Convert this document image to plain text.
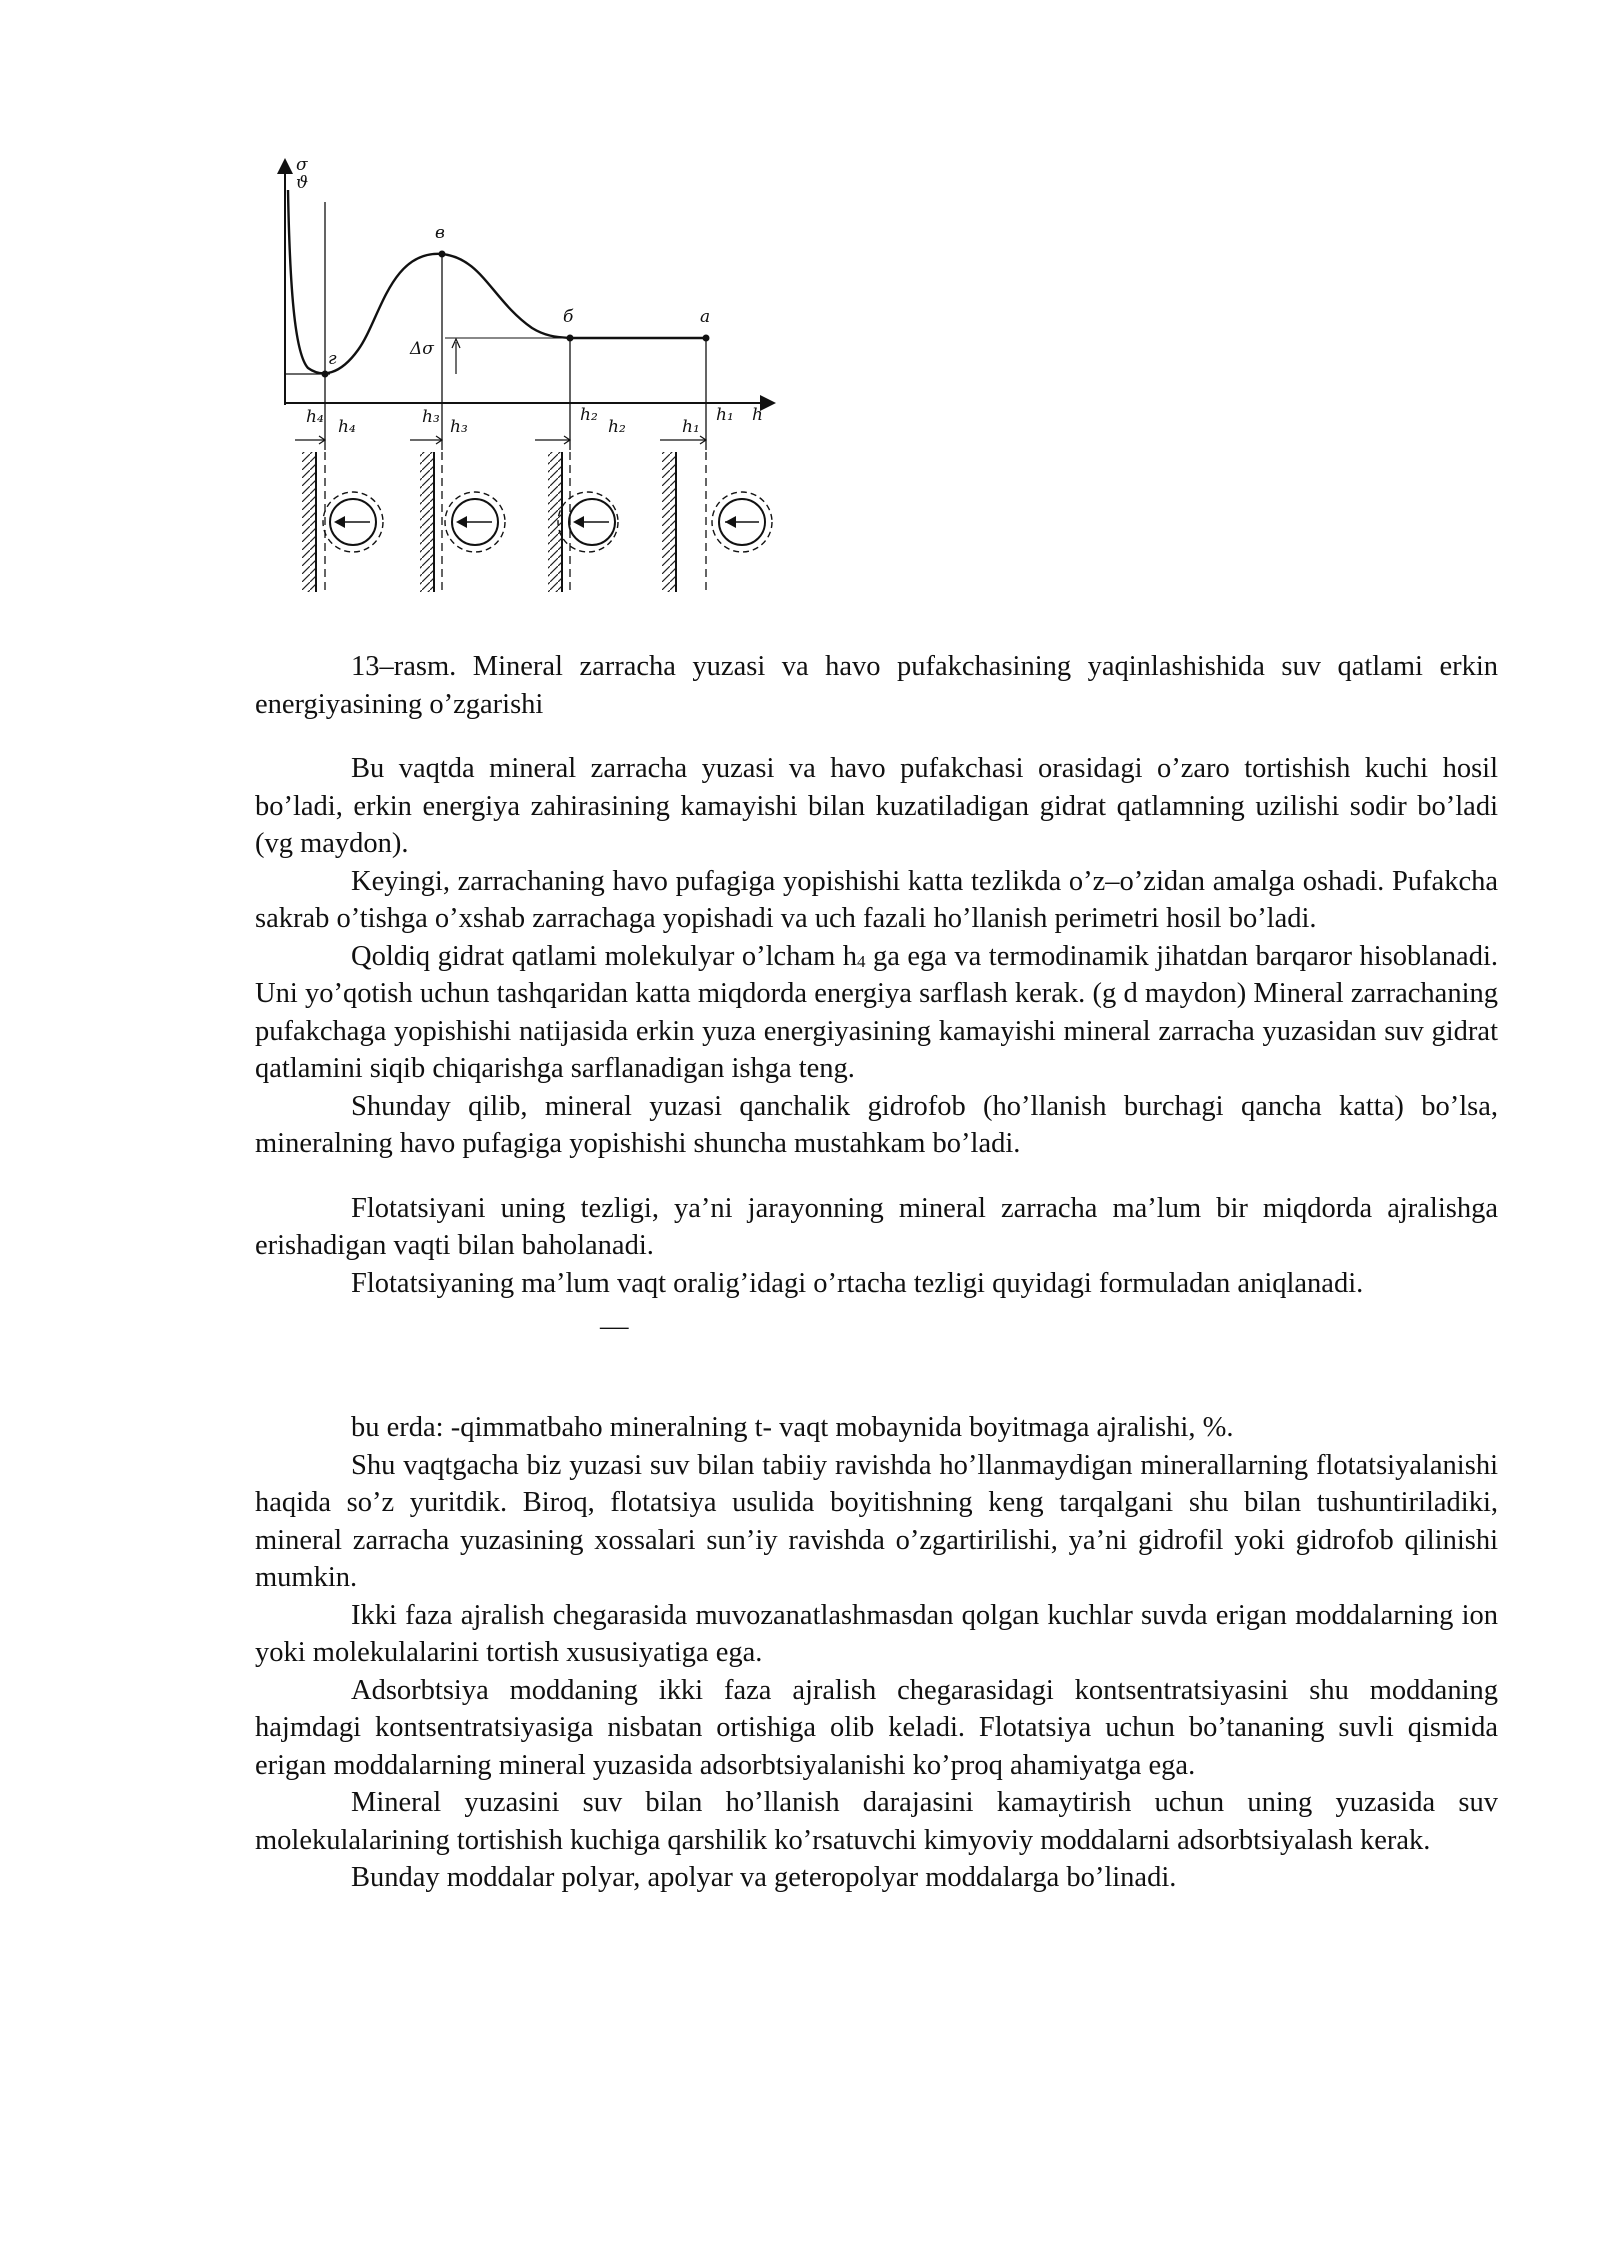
σ
ϑ
h
в
б	а
г	Δσ
h₄ h₄	h₃ h₃
h₂
h₂
h₁
h₁

13–rasm. Mineral zarracha yuzasi va havo pufakchasining yaqinlashishida suv qatlami erkin energiyasining o’zgarishi

Bu vaqtda mineral zarracha yuzasi va havo pufakchasi orasidagi o’zaro tortishish kuchi hosil bo’ladi, erkin energiya zahirasining kamayishi bilan kuzatiladigan gidrat qatlamning uzilishi sodir bo’ladi (vg maydon).

Keyingi, zarrachaning havo pufagiga yopishishi katta tezlikda o’z–o’zidan amalga oshadi. Pufakcha sakrab o’tishga o’xshab zarrachaga yopishadi va uch fazali ho’llanish perimetri hosil bo’ladi.

Qoldiq gidrat qatlami molekulyar o’lcham $h_4$ ga ega va termodinamik jihatdan barqaror hisoblanadi. Uni yo’qotish uchun tashqaridan katta miqdorda energiya sarflash kerak. (g d maydon) Mineral zarrachaning pufakchaga yopishishi natijasida erkin yuza energiyasining kamayishi mineral zarracha yuzasidan suv gidrat qatlamini siqib chiqarishga sarflanadigan ishga teng.

Shunday qilib, mineral yuzasi qanchalik gidrofob (ho’llanish burchagi qancha katta) bo’lsa, mineralning havo pufagiga yopishishi shuncha mustahkam bo’ladi.

Flotatsiyani uning tezligi, ya’ni jarayonning mineral zarracha ma’lum bir miqdorda ajralishga erishadigan vaqti bilan baholanadi.

Flotatsiyaning ma’lum vaqt oralig’idagi o’rtacha tezligi quyidagi formuladan aniqlanadi.

—

bu erda: -qimmatbaho mineralning t- vaqt mobaynida boyitmaga ajralishi, %.

Shu vaqtgacha biz yuzasi suv bilan tabiiy ravishda ho’llanmaydigan minerallarning flotatsiyalanishi haqida so’z yuritdik. Biroq, flotatsiya usulida boyitishning keng tarqalgani shu bilan tushuntiriladiki, mineral zarracha yuzasining xossalari sun’iy ravishda o’zgartirilishi, ya’ni gidrofil yoki gidrofob qilinishi mumkin.

Ikki faza ajralish chegarasida muvozanatlashmasdan qolgan kuchlar suvda erigan moddalarning ion yoki molekulalarini tortish xususiyatiga ega.

Adsorbtsiya moddaning ikki faza ajralish chegarasidagi kontsentratsiyasini shu moddaning hajmdagi kontsentratsiyasiga nisbatan ortishiga olib keladi. Flotatsiya uchun bo’tananing suvli qismida erigan moddalarning mineral yuzasida adsorbtsiyalanishi ko’proq ahamiyatga ega.

Mineral yuzasini suv bilan ho’llanish darajasini kamaytirish uchun uning yuzasida suv molekulalarining tortishish kuchiga qarshilik ko’rsatuvchi kimyoviy moddalarni adsorbtsiyalash kerak.

Bunday moddalar polyar, apolyar va geteropolyar moddalarga bo’linadi.
